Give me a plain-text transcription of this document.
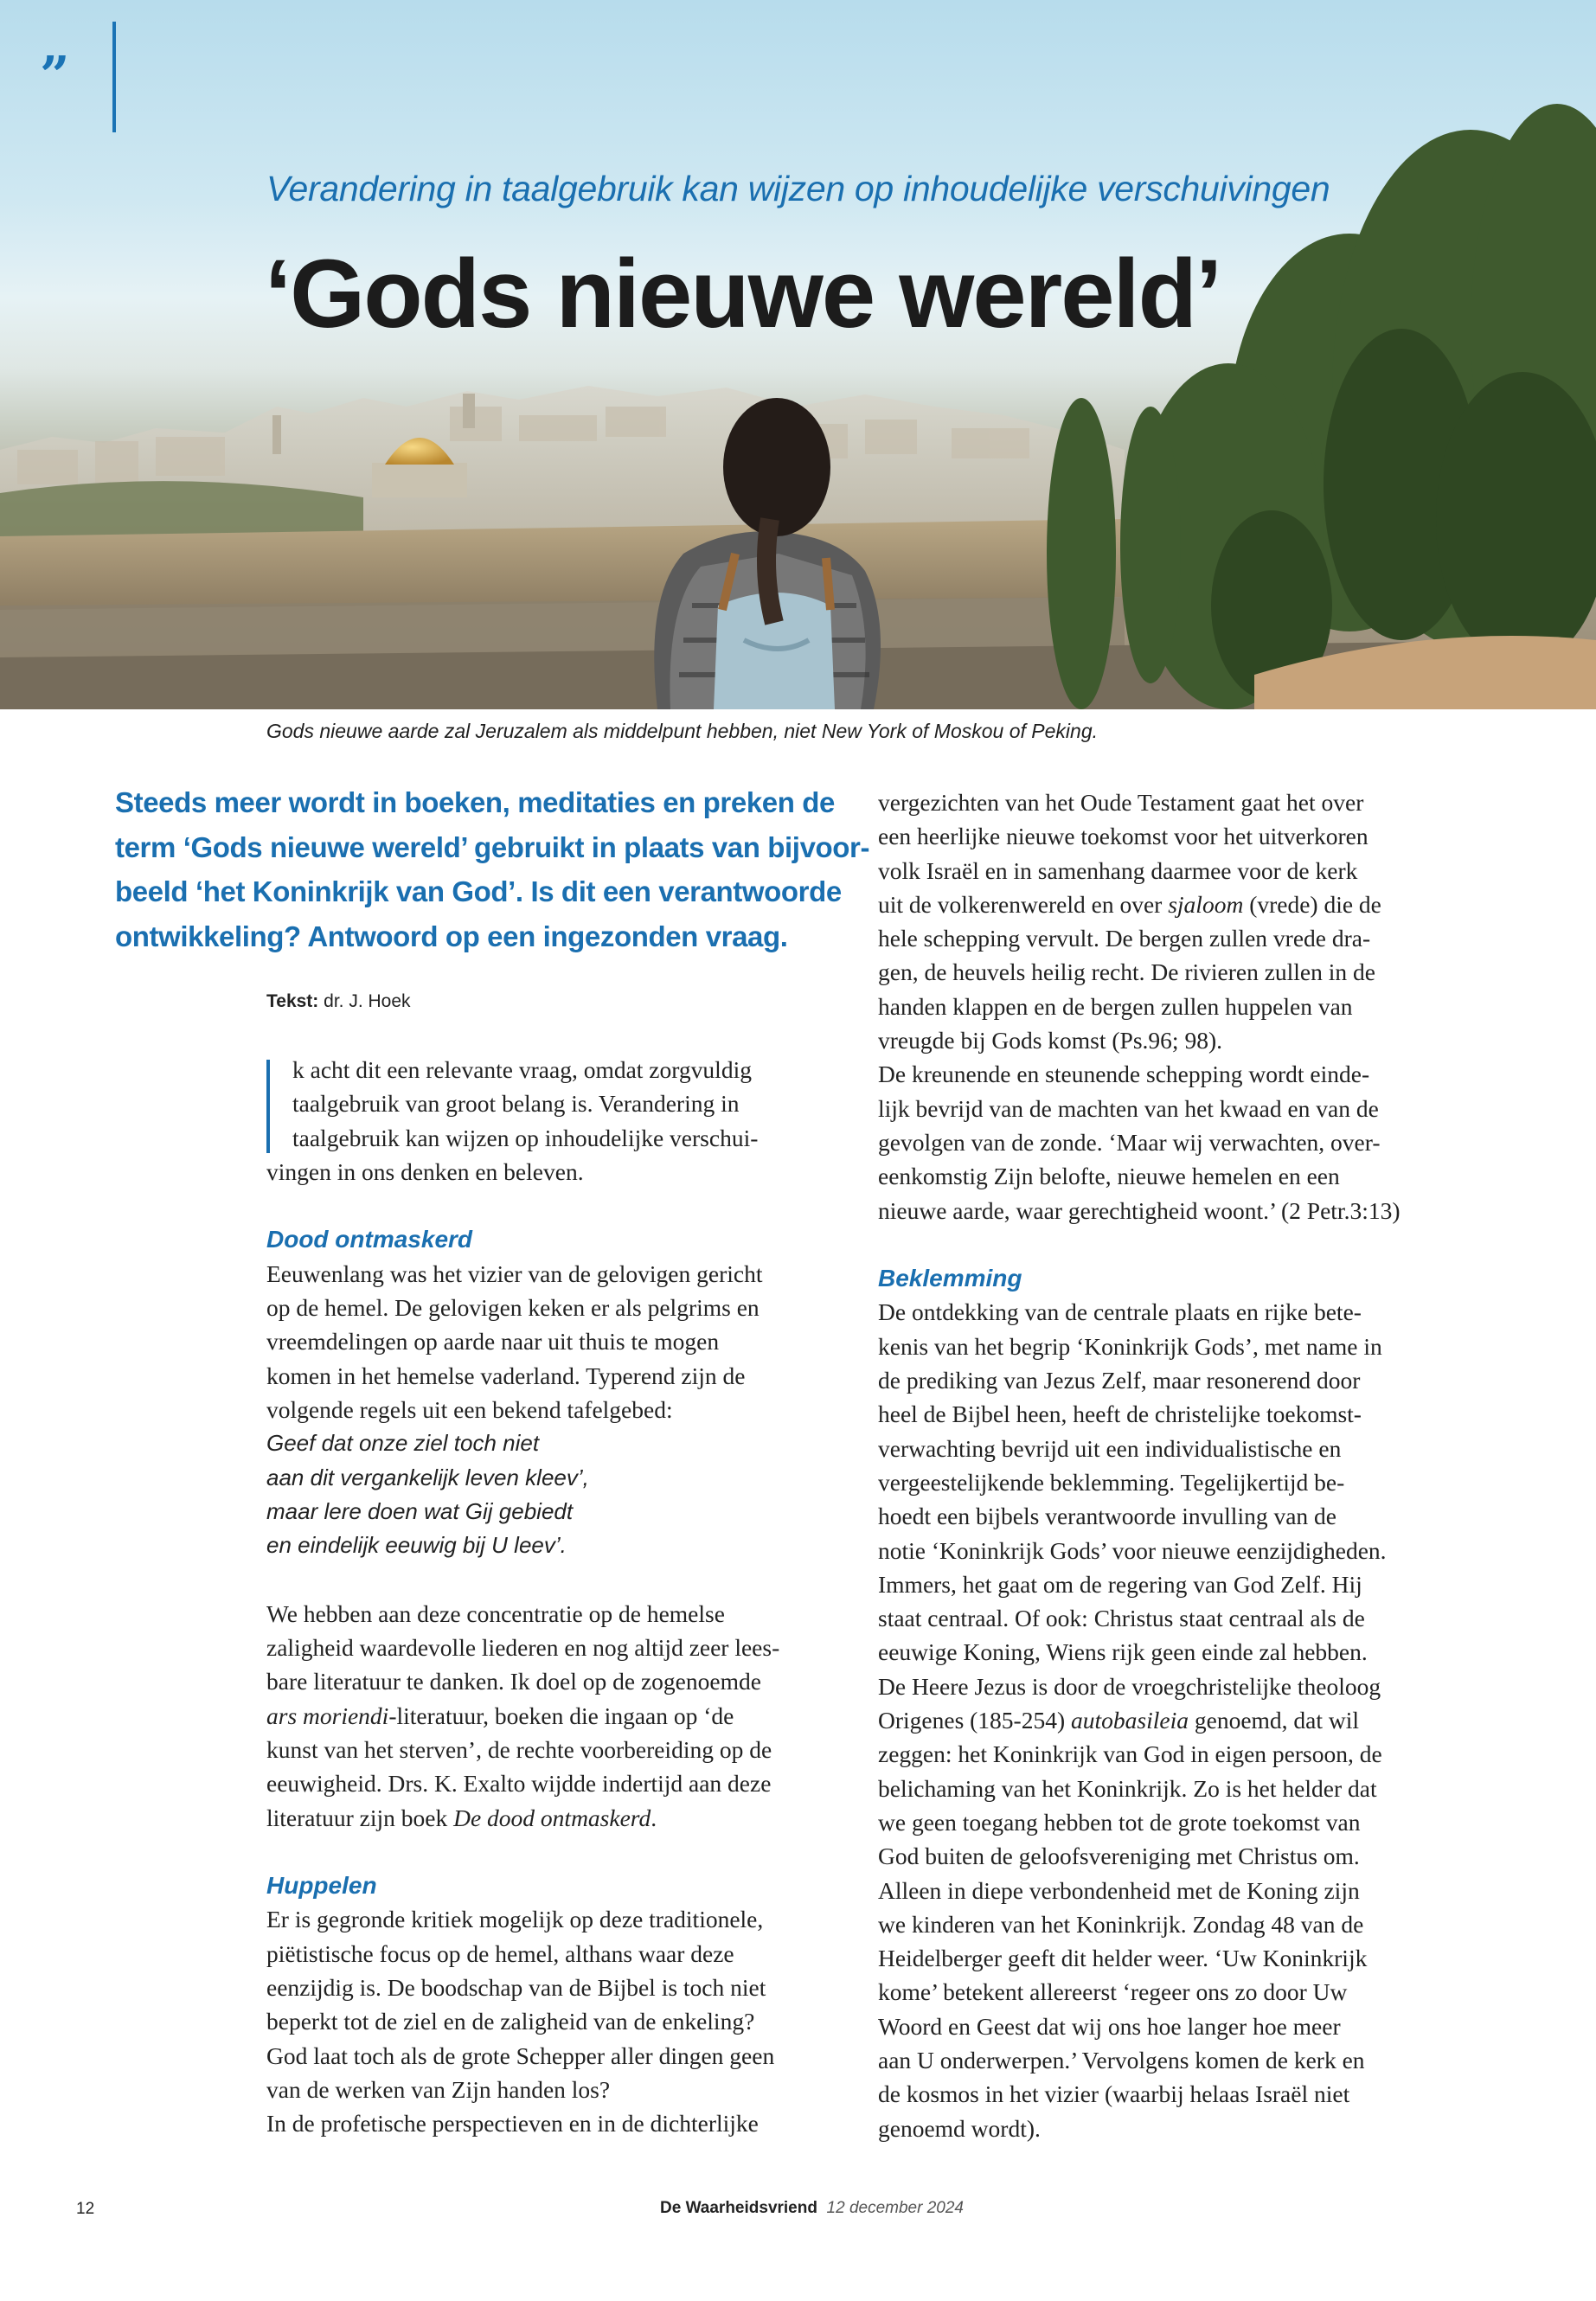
”
Verandering in taalgebruik kan wijzen op inhoudelijke verschuivingen
‘Gods nieuwe wereld’
Gods nieuwe aarde zal Jeruzalem als middelpunt hebben, niet New York of Moskou of Peking.
Steeds meer wordt in boeken, meditaties en preken de
term ‘Gods nieuwe wereld’ gebruikt in plaats van bijvoor-
beeld ‘het Koninkrijk van God’. Is dit een verantwoorde
ontwikkeling? Antwoord op een ingezonden vraag.
Tekst: dr. J. Hoek
k acht dit een relevante vraag, omdat zorgvuldig
taalgebruik van groot belang is. Verandering in
taalgebruik kan wijzen op inhoudelijke verschui-
vingen in ons denken en beleven.
Dood ontmaskerd
Eeuwenlang was het vizier van de gelovigen gericht
op de hemel. De gelovigen keken er als pelgrims en
vreemdelingen op aarde naar uit thuis te mogen
komen in het hemelse vaderland. Typerend zijn de
volgende regels uit een bekend tafelgebed:
Geef dat onze ziel toch niet
aan dit vergankelijk leven kleev’,
maar lere doen wat Gij gebiedt
en eindelijk eeuwig bij U leev’.
We hebben aan deze concentratie op de hemelse
zaligheid waardevolle liederen en nog altijd zeer lees-
bare literatuur te danken. Ik doel op de zogenoemde
ars moriendi-literatuur, boeken die ingaan op ‘de
kunst van het sterven’, de rechte voorbereiding op de
eeuwigheid. Drs. K. Exalto wijdde indertijd aan deze
literatuur zijn boek De dood ontmaskerd.
Huppelen
Er is gegronde kritiek mogelijk op deze traditionele,
piëtistische focus op de hemel, althans waar deze
eenzijdig is. De boodschap van de Bijbel is toch niet
beperkt tot de ziel en de zaligheid van de enkeling?
God laat toch als de grote Schepper aller dingen geen
van de werken van Zijn handen los?
In de profetische perspectieven en in de dichterlijke
vergezichten van het Oude Testament gaat het over
een heerlijke nieuwe toekomst voor het uitverkoren
volk Israël en in samenhang daarmee voor de kerk
uit de volkerenwereld en over sjaloom (vrede) die de
hele schepping vervult. De bergen zullen vrede dra-
gen, de heuvels heilig recht. De rivieren zullen in de
handen klappen en de bergen zullen huppelen van
vreugde bij Gods komst (Ps.96; 98).
De kreunende en steunende schepping wordt einde-
lijk bevrijd van de machten van het kwaad en van de
gevolgen van de zonde. ‘Maar wij verwachten, over-
eenkomstig Zijn belofte, nieuwe hemelen en een
nieuwe aarde, waar gerechtigheid woont.’ (2 Petr.3:13)
Beklemming
De ontdekking van de centrale plaats en rijke bete-
kenis van het begrip ‘Koninkrijk Gods’, met name in
de prediking van Jezus Zelf, maar resonerend door
heel de Bijbel heen, heeft de christelijke toekomst-
verwachting bevrijd uit een individualistische en
vergeestelijkende beklemming. Tegelijkertijd be-
hoedt een bijbels verantwoorde invulling van de
notie ‘Koninkrijk Gods’ voor nieuwe eenzijdigheden.
Immers, het gaat om de regering van God Zelf. Hij
staat centraal. Of ook: Christus staat centraal als de
eeuwige Koning, Wiens rijk geen einde zal hebben.
De Heere Jezus is door de vroegchristelijke theoloog
Origenes (185-254) autobasileia genoemd, dat wil
zeggen: het Koninkrijk van God in eigen persoon, de
belichaming van het Koninkrijk. Zo is het helder dat
we geen toegang hebben tot de grote toekomst van
God buiten de geloofsvereniging met Christus om.
Alleen in diepe verbondenheid met de Koning zijn
we kinderen van het Koninkrijk. Zondag 48 van de
Heidelberger geeft dit helder weer. ‘Uw Koninkrijk
kome’ betekent allereerst ‘regeer ons zo door Uw
Woord en Geest dat wij ons hoe langer hoe meer
aan U onderwerpen.’ Vervolgens komen de kerk en
de kosmos in het vizier (waarbij helaas Israël niet
genoemd wordt).
12	De Waarheidsvriend 12 december 2024
